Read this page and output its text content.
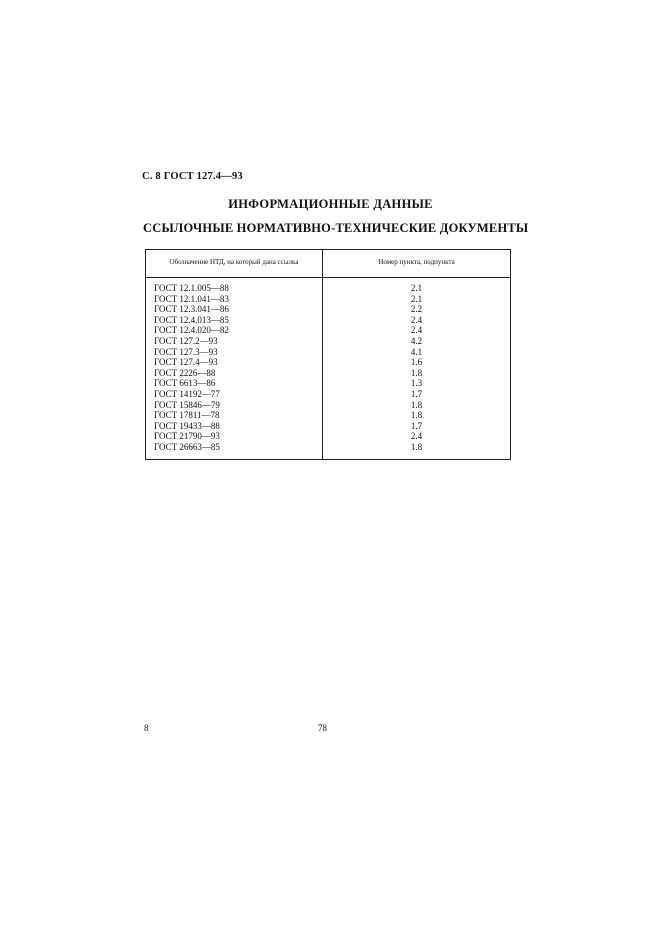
С. 8 ГОСТ 127.4—93
ИНФОРМАЦИОННЫЕ ДАННЫЕ
ССЫЛОЧНЫЕ НОРМАТИВНО-ТЕХНИЧЕСКИЕ ДОКУМЕНТЫ
Обозначение НТД, на который дана ссылка	Номер пункта, подпункта
ГОСТ 12.1.005—88	2.1
ГОСТ 12.1.041—83	2.1
ГОСТ 12.3.041—86	2.2
ГОСТ 12.4.013—85	2.4
ГОСТ 12.4.020—82	2.4
ГОСТ 127.2—93	4.2
ГОСТ 127.3—93	4.1
ГОСТ 127.4—93	1.6
ГОСТ 2226—88	1.8
ГОСТ 6613—86	1.3
ГОСТ 14192—77	1.7
ГОСТ 15846—79	1.8
ГОСТ 17811—78	1.8
ГОСТ 19433—88	1.7
ГОСТ 21790—93	2.4
ГОСТ 26663—85	1.8
8	78
